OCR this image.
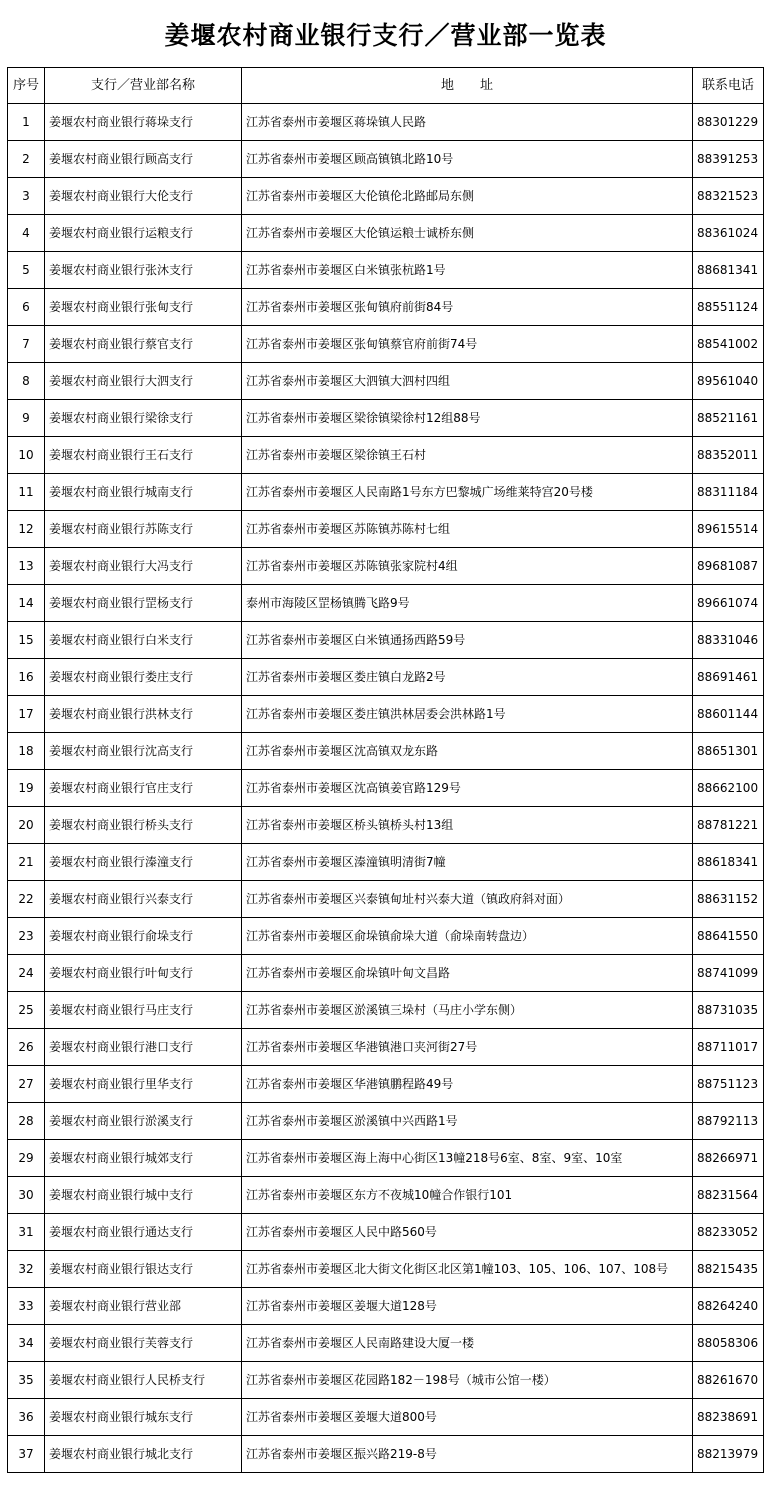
姜堰农村商业银行支行／营业部一览表
序号	支行／营业部名称	地　　址	联系电话
1	姜堰农村商业银行蒋垛支行	江苏省泰州市姜堰区蒋垛镇人民路	88301229
2	姜堰农村商业银行顾高支行	江苏省泰州市姜堰区顾高镇镇北路10号	88391253
3	姜堰农村商业银行大伦支行	江苏省泰州市姜堰区大伦镇伦北路邮局东侧	88321523
4	姜堰农村商业银行运粮支行	江苏省泰州市姜堰区大伦镇运粮士诚桥东侧	88361024
5	姜堰农村商业银行张沐支行	江苏省泰州市姜堰区白米镇张杭路1号	88681341
6	姜堰农村商业银行张甸支行	江苏省泰州市姜堰区张甸镇府前街84号	88551124
7	姜堰农村商业银行蔡官支行	江苏省泰州市姜堰区张甸镇蔡官府前街74号	88541002
8	姜堰农村商业银行大泗支行	江苏省泰州市姜堰区大泗镇大泗村四组	89561040
9	姜堰农村商业银行梁徐支行	江苏省泰州市姜堰区梁徐镇梁徐村12组88号	88521161
10	姜堰农村商业银行王石支行	江苏省泰州市姜堰区梁徐镇王石村	88352011
11	姜堰农村商业银行城南支行	江苏省泰州市姜堰区人民南路1号东方巴黎城广场维莱特宫20号楼	88311184
12	姜堰农村商业银行苏陈支行	江苏省泰州市姜堰区苏陈镇苏陈村七组	89615514
13	姜堰农村商业银行大冯支行	江苏省泰州市姜堰区苏陈镇张家院村4组	89681087
14	姜堰农村商业银行罡杨支行	泰州市海陵区罡杨镇腾飞路9号	89661074
15	姜堰农村商业银行白米支行	江苏省泰州市姜堰区白米镇通扬西路59号	88331046
16	姜堰农村商业银行娄庄支行	江苏省泰州市姜堰区娄庄镇白龙路2号	88691461
17	姜堰农村商业银行洪林支行	江苏省泰州市姜堰区娄庄镇洪林居委会洪林路1号	88601144
18	姜堰农村商业银行沈高支行	江苏省泰州市姜堰区沈高镇双龙东路	88651301
19	姜堰农村商业银行官庄支行	江苏省泰州市姜堰区沈高镇姜官路129号	88662100
20	姜堰农村商业银行桥头支行	江苏省泰州市姜堰区桥头镇桥头村13组	88781221
21	姜堰农村商业银行溱潼支行	江苏省泰州市姜堰区溱潼镇明清街7幢	88618341
22	姜堰农村商业银行兴泰支行	江苏省泰州市姜堰区兴泰镇甸址村兴泰大道（镇政府斜对面）	88631152
23	姜堰农村商业银行俞垛支行	江苏省泰州市姜堰区俞垛镇俞垛大道（俞垛南转盘边）	88641550
24	姜堰农村商业银行叶甸支行	江苏省泰州市姜堰区俞垛镇叶甸文昌路	88741099
25	姜堰农村商业银行马庄支行	江苏省泰州市姜堰区淤溪镇三垛村（马庄小学东侧）	88731035
26	姜堰农村商业银行港口支行	江苏省泰州市姜堰区华港镇港口夹河街27号	88711017
27	姜堰农村商业银行里华支行	江苏省泰州市姜堰区华港镇鹏程路49号	88751123
28	姜堰农村商业银行淤溪支行	江苏省泰州市姜堰区淤溪镇中兴西路1号	88792113
29	姜堰农村商业银行城郊支行	江苏省泰州市姜堰区海上海中心街区13幢218号6室、8室、9室、10室	88266971
30	姜堰农村商业银行城中支行	江苏省泰州市姜堰区东方不夜城10幢合作银行101	88231564
31	姜堰农村商业银行通达支行	江苏省泰州市姜堰区人民中路560号	88233052
32	姜堰农村商业银行银达支行	江苏省泰州市姜堰区北大街文化街区北区第1幢103、105、106、107、108号	88215435
33	姜堰农村商业银行营业部	江苏省泰州市姜堰区姜堰大道128号	88264240
34	姜堰农村商业银行芙蓉支行	江苏省泰州市姜堰区人民南路建设大厦一楼	88058306
35	姜堰农村商业银行人民桥支行	江苏省泰州市姜堰区花园路182－198号（城市公馆一楼）	88261670
36	姜堰农村商业银行城东支行	江苏省泰州市姜堰区姜堰大道800号	88238691
37	姜堰农村商业银行城北支行	江苏省泰州市姜堰区振兴路219-8号	88213979
